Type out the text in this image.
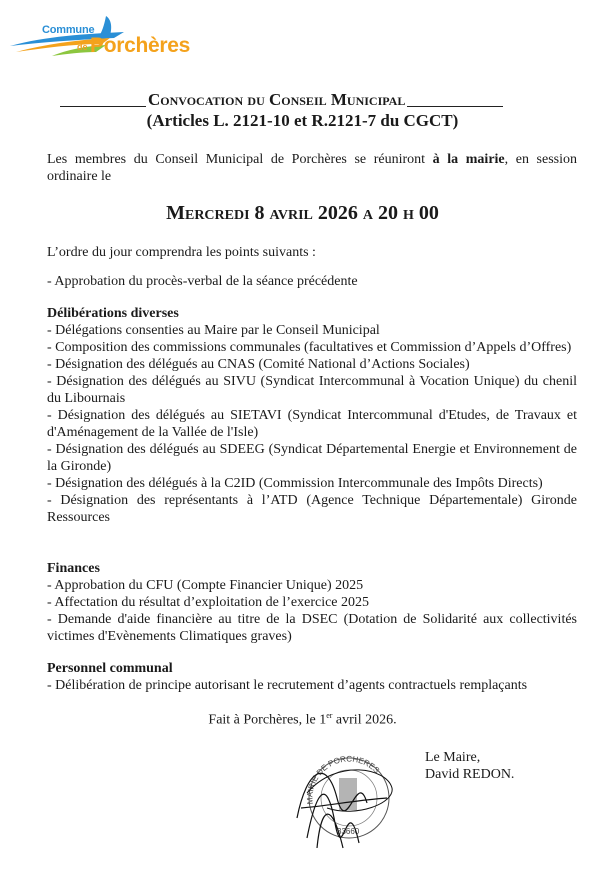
Commune
de Porchères
Convocation du Conseil Municipal
(Articles L. 2121-10 et R.2121-7 du CGCT)
Les membres du Conseil Municipal de Porchères se réuniront à la mairie, en session ordinaire le
Mercredi 8 avril 2026 a 20 h 00
L’ordre du jour comprendra les points suivants :
- Approbation du procès-verbal de la séance précédente
Délibérations diverses
- Délégations consenties au Maire par le Conseil Municipal
- Composition des commissions communales (facultatives et Commission d’Appels d’Offres)
- Désignation des délégués au CNAS (Comité National d’Actions Sociales)
- Désignation des délégués au SIVU (Syndicat Intercommunal à Vocation Unique) du chenil du Libournais
- Désignation des délégués au SIETAVI (Syndicat Intercommunal d'Etudes, de Travaux et d'Aménagement de la Vallée de l'Isle)
- Désignation des délégués au SDEEG (Syndicat Départemental Energie et Environnement de la Gironde)
- Désignation des délégués à la C2ID (Commission Intercommunale des Impôts Directs)
- Désignation des représentants à l’ATD (Agence Technique Départementale) Gironde Ressources
Finances
- Approbation du CFU (Compte Financier Unique) 2025
- Affectation du résultat d’exploitation de l’exercice 2025
- Demande d'aide financière au titre de la DSEC (Dotation de Solidarité aux collectivités victimes d'Evènements Climatiques graves)
Personnel communal
- Délibération de principe autorisant le recrutement d’agents contractuels remplaçants
Fait à Porchères, le 1er avril 2026.
MAIRIE DE PORCHERES
33660
Le Maire,
David REDON.
